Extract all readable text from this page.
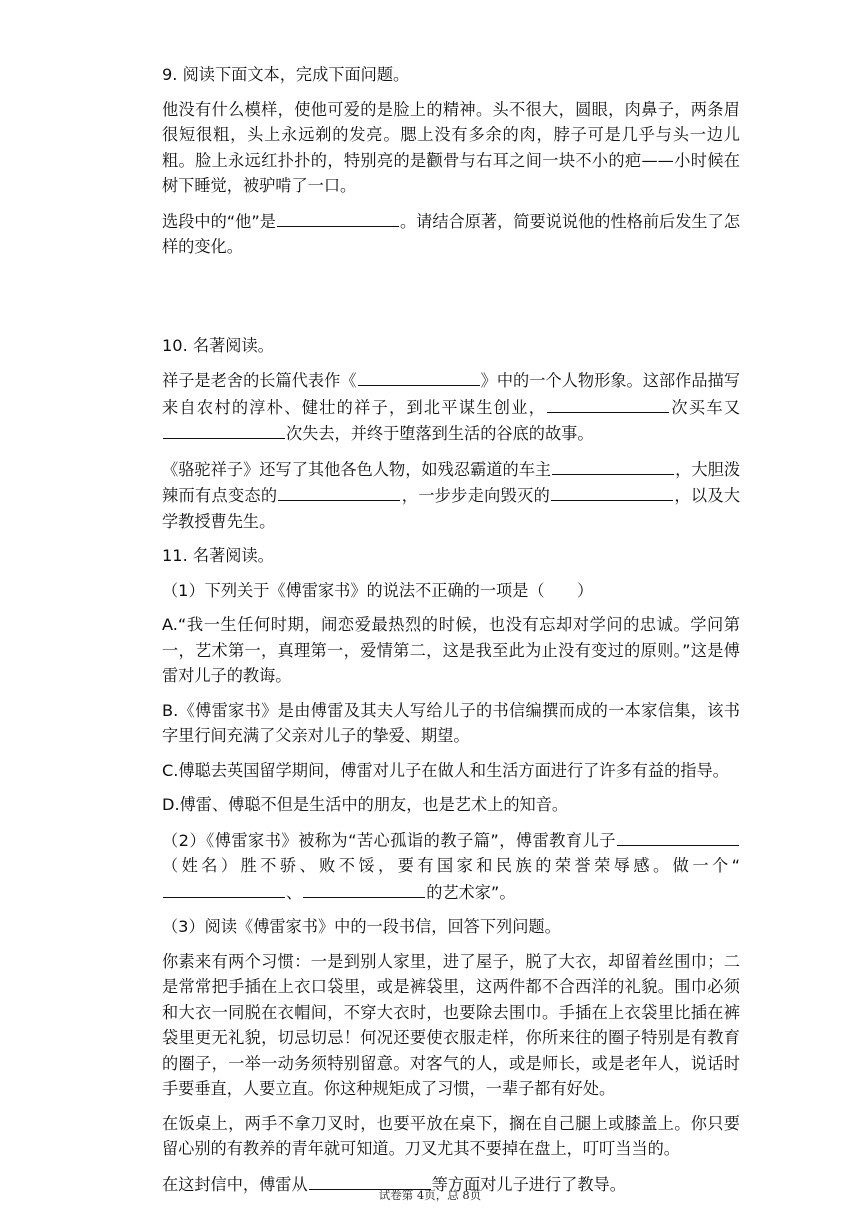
9. 阅读下面文本，完成下面问题。

他没有什么模样，使他可爱的是脸上的精神。头不很大，圆眼，肉鼻子，两条眉很短很粗，头上永远剃的发亮。腮上没有多余的肉，脖子可是几乎与头一边儿粗。脸上永远红扑扑的，特别亮的是颧骨与右耳之间一块不小的疤——小时候在树下睡觉，被驴啃了一口。

选段中的“他”是	。请结合原著，简要说说他的性格前后发生了怎样的变化。

10. 名著阅读。

祥子是老舍的长篇代表作《	》中的一个人物形象。这部作品描写来自农村的淳朴、健壮的祥子，到北平谋生创业，	次买车又次失去，并终于堕落到生活的谷底的故事。

《骆驼祥子》还写了其他各色人物，如残忍霸道的车主	，大胆泼辣而有点变态的	，一步步走向毁灭的	，以及大学教授曹先生。

11. 名著阅读。

（1）下列关于《傅雷家书》的说法不正确的一项是（　　）

A.“我一生任何时期，闹恋爱最热烈的时候，也没有忘却对学问的忠诚。学问第一，艺术第一，真理第一，爱情第二，这是我至此为止没有变过的原则。”这是傅雷对儿子的教诲。

B.《傅雷家书》是由傅雷及其夫人写给儿子的书信编撰而成的一本家信集，该书字里行间充满了父亲对儿子的挚爱、期望。

C.傅聪去英国留学期间，傅雷对儿子在做人和生活方面进行了许多有益的指导。

D.傅雷、傅聪不但是生活中的朋友，也是艺术上的知音。

（2）《傅雷家书》被称为“苦心孤诣的教子篇”，傅雷教育儿子（姓名）胜不骄、败不馁，要有国家和民族的荣誉荣辱感。做一个“、	的艺术家”。

（3）阅读《傅雷家书》中的一段书信，回答下列问题。

你素来有两个习惯：一是到别人家里，进了屋子，脱了大衣，却留着丝围巾；二是常常把手插在上衣口袋里，或是裤袋里，这两件都不合西洋的礼貌。围巾必须和大衣一同脱在衣帽间，不穿大衣时，也要除去围巾。手插在上衣袋里比插在裤袋里更无礼貌，切忌切忌！何况还要使衣服走样，你所来往的圈子特别是有教育的圈子，一举一动务须特别留意。对客气的人，或是师长，或是老年人，说话时手要垂直，人要立直。你这种规矩成了习惯，一辈子都有好处。

在饭桌上，两手不拿刀叉时，也要平放在桌下，搁在自己腿上或膝盖上。你只要留心别的有教养的青年就可知道。刀叉尤其不要掉在盘上，叮叮当当的。

在这封信中，傅雷从	等方面对儿子进行了教导。

试卷第 4页，总 8页
